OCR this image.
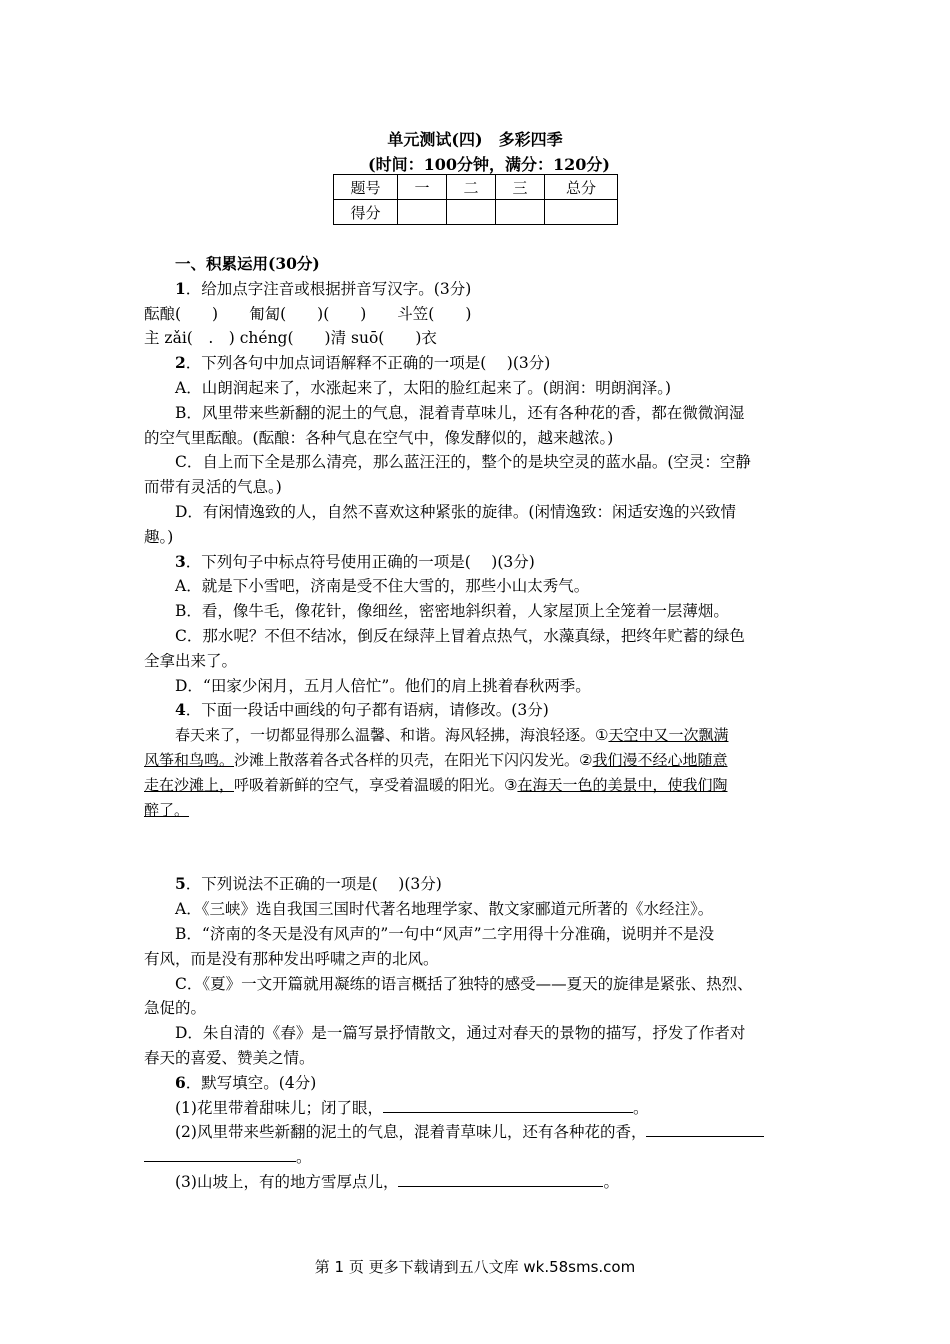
单元测试(四)　多彩四季
(时间：100分钟，满分：120分)
题号	一	二	三	总分
得分				
一、积累运用(30分)
1．给加点字注音或根据拼音写汉字。(3分)
酝酿(　　)　　匍匐(　　)(　　)　　斗笠(　　)
主 zǎi(　.　) chéng(　　)清 suō(　　)衣
2．下列各句中加点词语解释不正确的一项是(　 )(3分)
A．山朗润起来了，水涨起来了，太阳的脸红起来了。(朗润：明朗润泽。)
B．风里带来些新翻的泥土的气息，混着青草味儿，还有各种花的香，都在微微润湿
的空气里酝酿。(酝酿：各种气息在空气中，像发酵似的，越来越浓。)
C．自上而下全是那么清亮，那么蓝汪汪的，整个的是块空灵的蓝水晶。(空灵：空静
而带有灵活的气息。)
D．有闲情逸致的人，自然不喜欢这种紧张的旋律。(闲情逸致：闲适安逸的兴致情
趣。)
3．下列句子中标点符号使用正确的一项是(　 )(3分)
A．就是下小雪吧，济南是受不住大雪的，那些小山太秀气。
B．看，像牛毛，像花针，像细丝，密密地斜织着，人家屋顶上全笼着一层薄烟。
C．那水呢？不但不结冰，倒反在绿萍上冒着点热气，水藻真绿，把终年贮蓄的绿色
全拿出来了。
D．“田家少闲月，五月人倍忙”。他们的肩上挑着春秋两季。
4．下面一段话中画线的句子都有语病，请修改。(3分)
春天来了，一切都显得那么温馨、和谐。海风轻拂，海浪轻逐。①天空中又一次飘满
风筝和鸟鸣。沙滩上散落着各式各样的贝壳，在阳光下闪闪发光。②我们漫不经心地随意
走在沙滩上，呼吸着新鲜的空气，享受着温暖的阳光。③在海天一色的美景中，使我们陶
醉了。
5．下列说法不正确的一项是(　 )(3分)
A．《三峡》选自我国三国时代著名地理学家、散文家郦道元所著的《水经注》。
B．“济南的冬天是没有风声的”一句中“风声”二字用得十分准确，说明并不是没
有风，而是没有那种发出呼啸之声的北风。
C．《夏》一文开篇就用凝练的语言概括了独特的感受——夏天的旋律是紧张、热烈、
急促的。
D．朱自清的《春》是一篇写景抒情散文，通过对春天的景物的描写，抒发了作者对
春天的喜爱、赞美之情。
6．默写填空。(4分)
(1)花里带着甜味儿；闭了眼，	。
(2)风里带来些新翻的泥土的气息，混着青草味儿，还有各种花的香，
。
(3)山坡上，有的地方雪厚点儿，	。
第 1 页 更多下载请到五八文库 wk.58sms.com
